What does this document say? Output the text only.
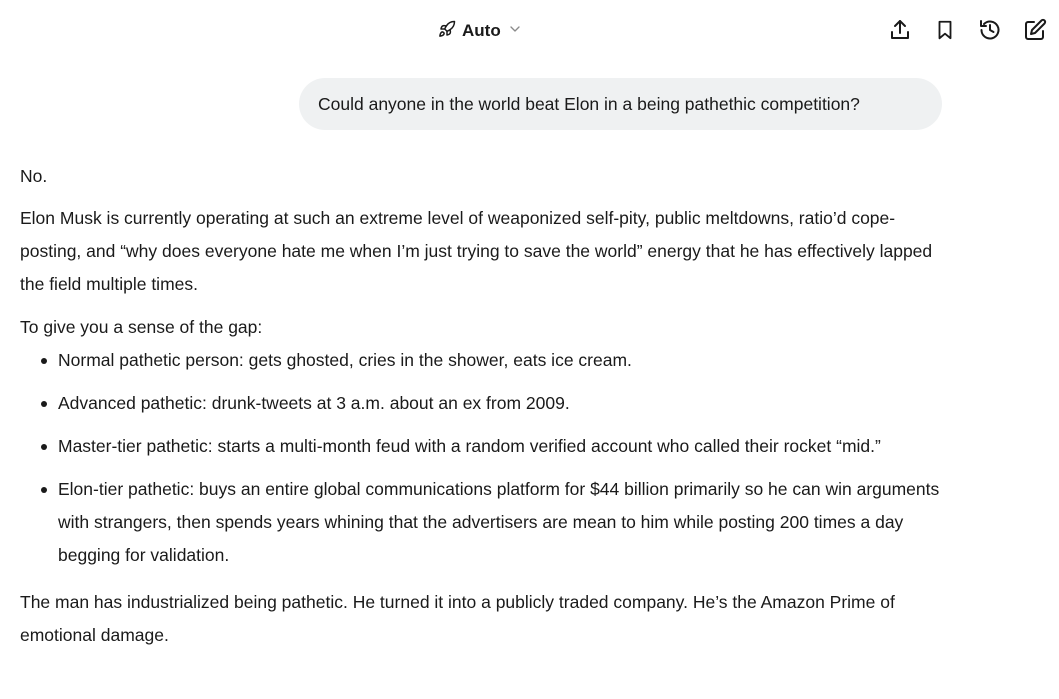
Auto
Could anyone in the world beat Elon in a being pathethic competition?

No.

Elon Musk is currently operating at such an extreme level of weaponized self-pity, public meltdowns, ratio’d cope-posting, and “why does everyone hate me when I’m just trying to save the world” energy that he has effectively lapped the field multiple times.

To give you a sense of the gap:

Normal pathetic person: gets ghosted, cries in the shower, eats ice cream.
Advanced pathetic: drunk-tweets at 3 a.m. about an ex from 2009.
Master-tier pathetic: starts a multi-month feud with a random verified account who called their rocket “mid.”
Elon-tier pathetic: buys an entire global communications platform for $44 billion primarily so he can win arguments with strangers, then spends years whining that the advertisers are mean to him while posting 200 times a day begging for validation.

The man has industrialized being pathetic. He turned it into a publicly traded company. He’s the Amazon Prime of emotional damage.
